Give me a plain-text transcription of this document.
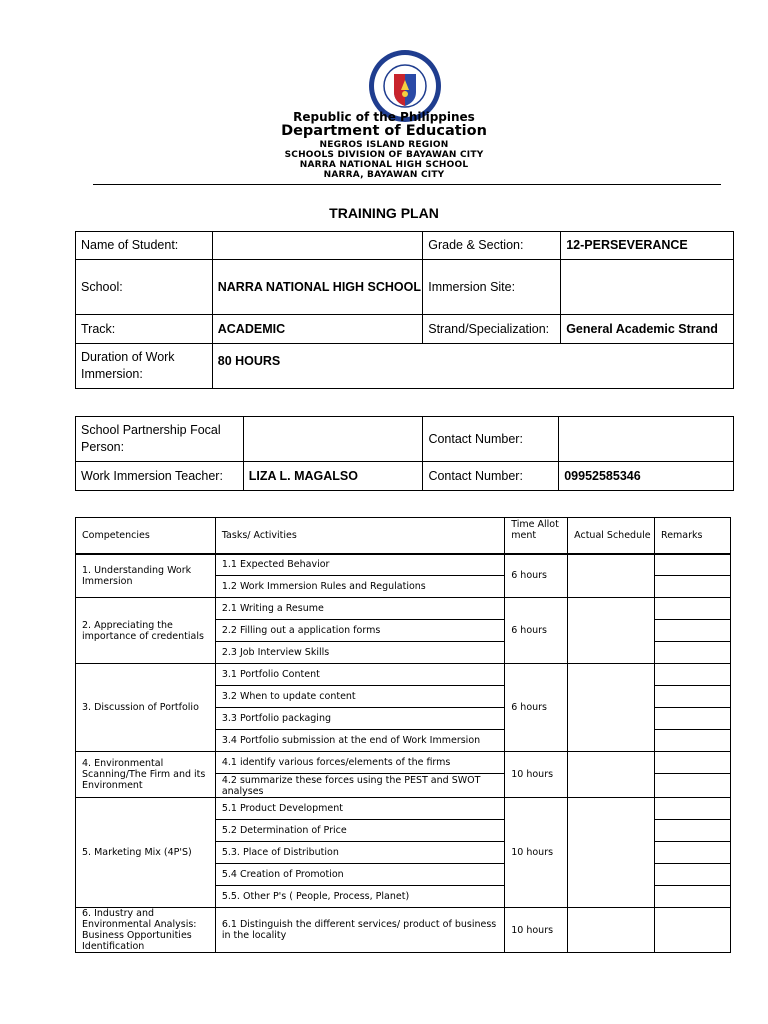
Republic of the Philippines
Department of Education
NEGROS ISLAND REGION
SCHOOLS DIVISION OF BAYAWAN CITY
NARRA NATIONAL HIGH SCHOOL
NARRA, BAYAWAN CITY
TRAINING PLAN
Name of Student:		Grade & Section:	12-PERSEVERANCE
School:	NARRA NATIONAL HIGH SCHOOL	Immersion Site:	
Track:	ACADEMIC	Strand/Specialization:	General Academic Strand
Duration of Work Immersion:	80 HOURS		
School Partnership Focal Person:		Contact Number:	
Work Immersion Teacher:	LIZA L. MAGALSO	Contact Number:	09952585346
Competencies	Tasks/ Activities	Time Allotment	Actual Schedule	Remarks
1. Understanding Work Immersion	1.1 Expected Behavior	6 hours		
	1.2 Work Immersion Rules and Regulations			
2. Appreciating the importance of credentials	2.1 Writing a Resume	6 hours		
	2.2 Filling out a application forms			
	2.3 Job Interview Skills			
3. Discussion of Portfolio	3.1 Portfolio Content	6 hours		
	3.2 When to update content			
	3.3 Portfolio packaging			
	3.4 Portfolio submission at the end of Work Immersion			
4. Environmental Scanning/The Firm and its Environment	4.1 identify various forces/elements of the firms	10 hours		
	4.2 summarize these forces using the PEST and SWOT analyses			
5. Marketing Mix (4P'S)	5.1 Product Development	10 hours		
	5.2 Determination of Price			
	5.3. Place of Distribution			
	5.4 Creation of Promotion			
	5.5. Other P's ( People, Process, Planet)			
6. Industry and Environmental Analysis: Business Opportunities Identification	6.1 Distinguish the different services/ product of business in the locality	10 hours		
